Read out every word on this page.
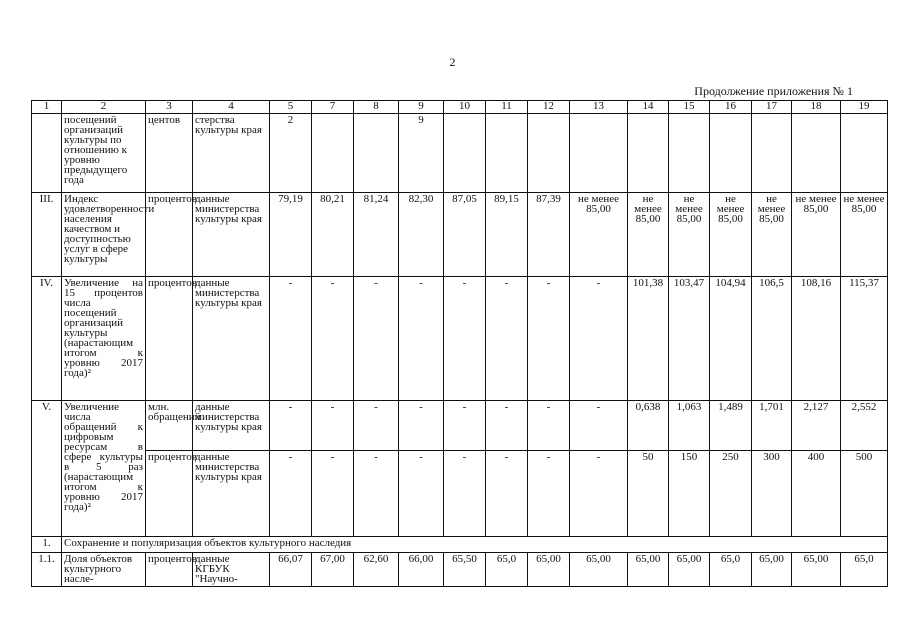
2
Продолжение приложения № 1
1	2	3	4	5	7	8	9	10	11	12	13	14	15	16	17	18	19
	посещений организаций культуры по отношению к уровню предыдущего года	центов	стерства культуры края	2			9										
III.	Индекс удовлетворенности населения качеством и доступностью услуг в сфере культуры	процентов	данные министерства культуры края	79,19	80,21	81,24	82,30	87,05	89,15	87,39	не менее 85,00	не менее 85,00	не менее 85,00	не менее 85,00	не менее 85,00	не менее 85,00	не менее 85,00
IV.	Увеличение на 15 процентов числа посещений организаций культуры (нарастающим итогом к уровню 2017 года)²	процентов	данные министерства культуры края	-	-	-	-	-	-	-	-	101,38	103,47	104,94	106,5	108,16	115,37
V.	Увеличение числа обращений к цифровым ресурсам в сфере культуры в 5 раз (нарастающим итогом к уровню 2017 года)²	млн. обращений	данные министерства культуры края	-	-	-	-	-	-	-	-	0,638	1,063	1,489	1,701	2,127	2,552
		процентов	данные министерства культуры края	-	-	-	-	-	-	-	-	50	150	250	300	400	500
1.	Сохранение и популяризация объектов культурного наследия																
1.1.	Доля объектов культурного насле-	процентов	данные КГБУК "Научно-	66,07	67,00	62,60	66,00	65,50	65,0	65,00	65,00	65,00	65,00	65,0	65,00	65,00	65,0
